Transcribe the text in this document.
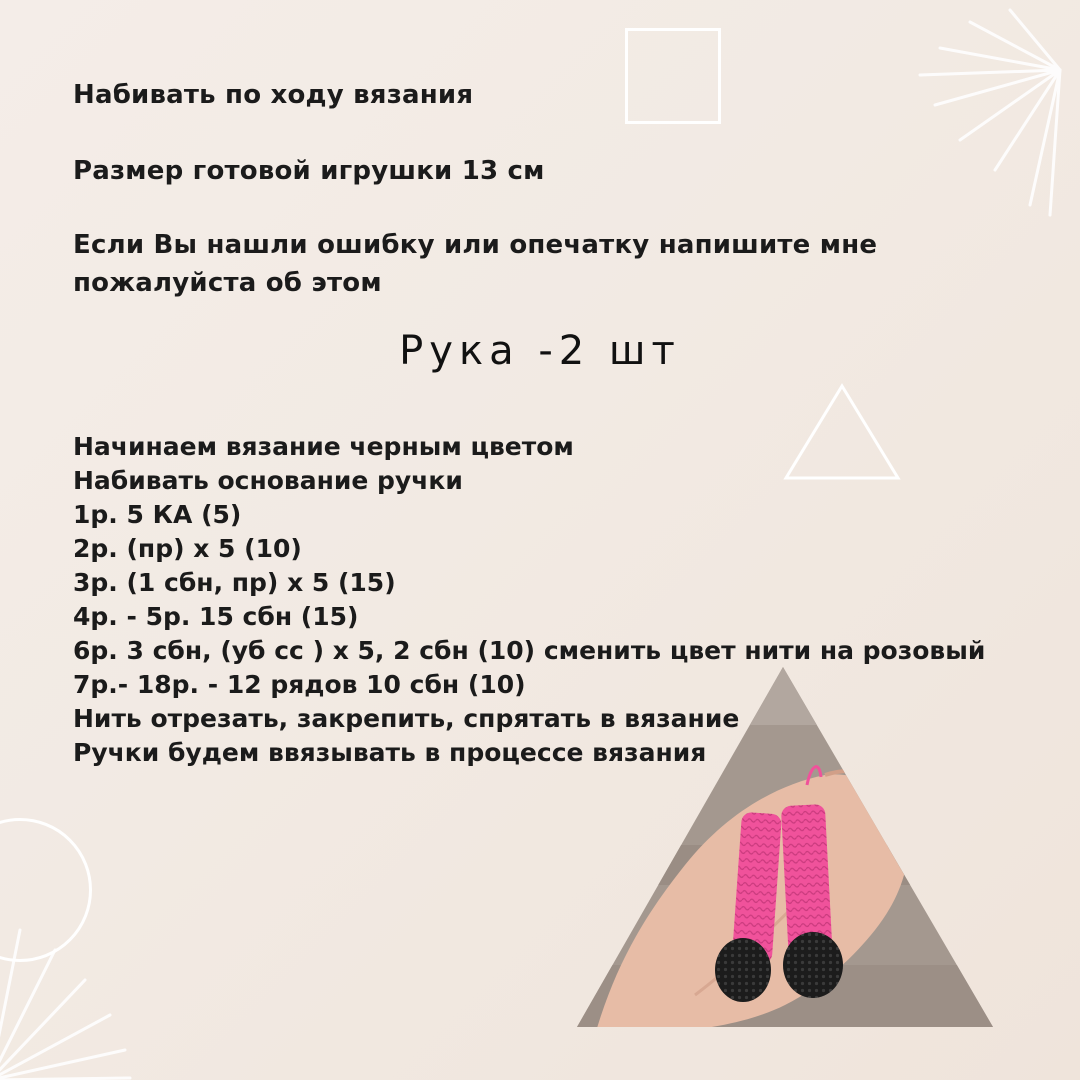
Набивать по ходу вязания

Размер готовой игрушки 13 см

Если Вы нашли ошибку или опечатку напишите мне пожалуйста об этом

Рука -2 шт
Начинаем вязание черным цветом
Набивать основание ручки
1р. 5 КА (5)
2р. (пр) х 5 (10)
3р. (1 сбн, пр) х 5 (15)
4р. - 5р. 15 сбн (15)
6р. 3 сбн, (уб сс ) х 5, 2 сбн (10) сменить цвет нити на розовый
7р.- 18р. - 12 рядов 10 сбн (10)
Нить отрезать, закрепить, спрятать в вязание
Ручки будем ввязывать в процессе вязания
